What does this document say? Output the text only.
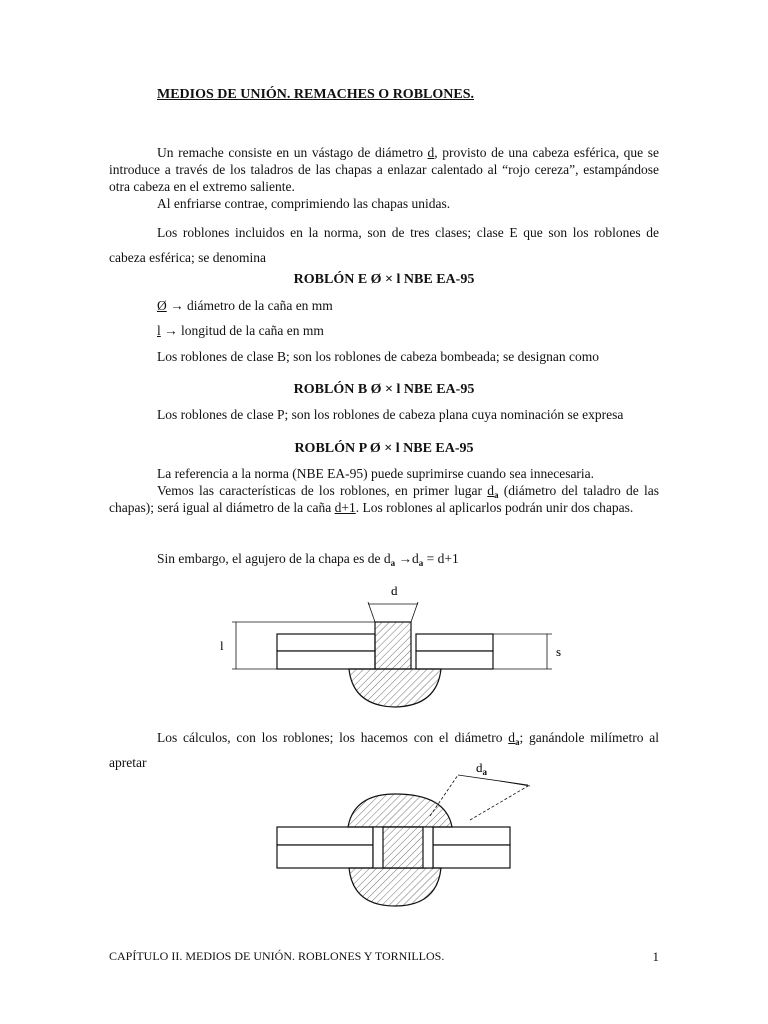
MEDIOS DE UNIÓN. REMACHES O ROBLONES.

Un remache consiste en un vástago de diámetro d, provisto de una cabeza esférica, que se introduce a través de los taladros de las chapas a enlazar calentado al “rojo cereza”, estampándose otra cabeza en el extremo saliente.

Al enfriarse contrae, comprimiendo las chapas unidas.

Los roblones incluidos en la norma, son de tres clases; clase E que son los roblones de cabeza esférica; se denomina

ROBLÓN E Ø × l NBE EA-95
Ø → diámetro de la caña en mm
l → longitud de la caña en mm

Los roblones de clase B; son los roblones de cabeza bombeada; se designan como

ROBLÓN B Ø × l NBE EA-95

Los roblones de clase P; son los roblones de cabeza plana cuya nominación se expresa

ROBLÓN P Ø × l NBE EA-95

La referencia a la norma (NBE EA-95) puede suprimirse cuando sea innecesaria.

Vemos las características de los roblones, en primer lugar $d_a$ (diámetro del taladro de las chapas); será igual al diámetro de la caña d+1. Los roblones al aplicarlos podrán unir dos chapas.

Sin embargo, el agujero de la chapa es de $d_a \to d_a = d+1$
d
l	s
$d_a$

Los cálculos, con los roblones; los hacemos con el diámetro $d_a$; ganándole milímetro al apretar

CAPÍTULO II. MEDIOS DE UNIÓN. ROBLONES Y TORNILLOS.	1
